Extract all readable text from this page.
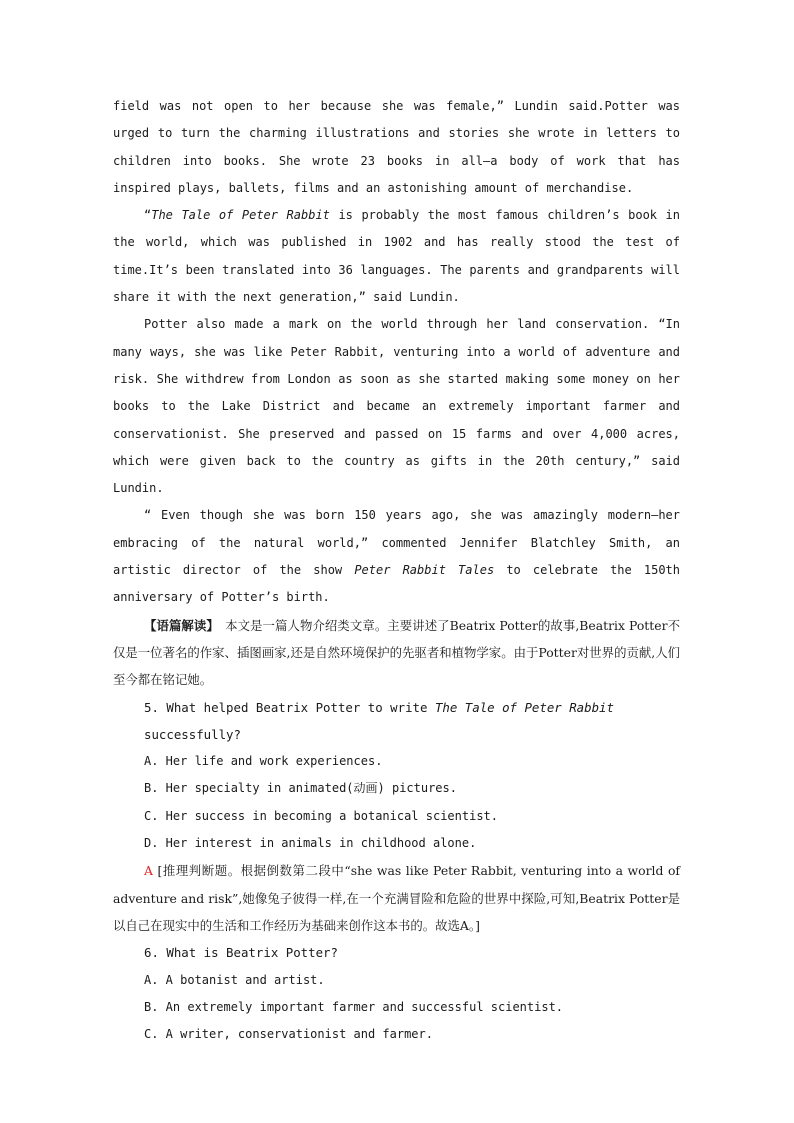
field was not open to her because she was female,” Lundin said.Potter was urged to turn the charming illustrations and stories she wrote in letters to children into books. She wrote 23 books in all—a body of work that has inspired plays, ballets, films and an astonishing amount of merchandise.

“The Tale of Peter Rabbit is probably the most famous children’s book in the world, which was published in 1902 and has really stood the test of time.It’s been translated into 36 languages. The parents and grandparents will share it with the next generation,” said Lundin.

Potter also made a mark on the world through her land conservation. “In many ways, she was like Peter Rabbit, venturing into a world of adventure and risk. She withdrew from London as soon as she started making some money on her books to the Lake District and became an extremely important farmer and conservationist. She preserved and passed on 15 farms and over 4,000 acres, which were given back to the country as gifts in the 20th century,” said Lundin.

“ Even though she was born 150 years ago, she was amazingly modern—her embracing of the natural world,” commented Jennifer Blatchley Smith, an artistic director of the show Peter Rabbit Tales to celebrate the 150th anniversary of Potter’s birth.

【语篇解读】　本文是一篇人物介绍类文章。主要讲述了Beatrix Potter的故事,Beatrix Potter不仅是一位著名的作家、插图画家,还是自然环境保护的先驱者和植物学家。由于Potter对世界的贡献,人们至今都在铭记她。

5. What helped Beatrix Potter to write The Tale of Peter Rabbit successfully?

A. Her life and work experiences.

B. Her specialty in animated(动画) pictures.

C. Her success in becoming a botanical scientist.

D. Her interest in animals in childhood alone.

A [推理判断题。根据倒数第二段中“she was like Peter Rabbit, venturing into a world of adventure and risk”,她像兔子彼得一样,在一个充满冒险和危险的世界中探险,可知,Beatrix Potter是以自己在现实中的生活和工作经历为基础来创作这本书的。故选A。]

6. What is Beatrix Potter?

A. A botanist and artist.

B. An extremely important farmer and successful scientist.

C. A writer, conservationist and farmer.
